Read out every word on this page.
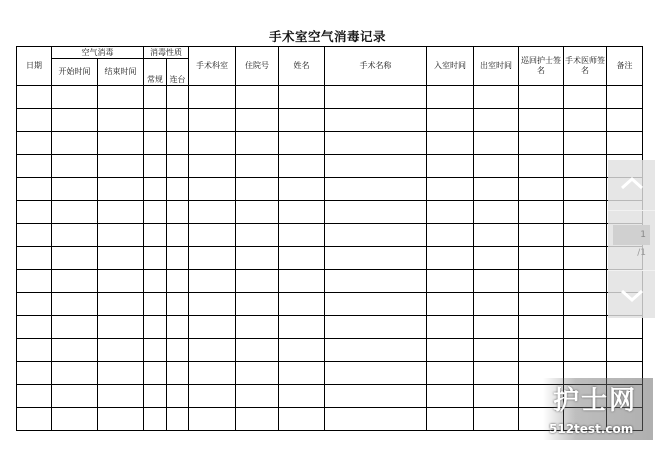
手术室空气消毒记录
日期	空气消毒		消毒性质		手术科室	住院号	姓名	手术名称	入室时间	出室时间	巡回护士签名	手术医师签名	备注
	开始时间	结束时间	常规	连台									

1
/1
护士网
512test.com
